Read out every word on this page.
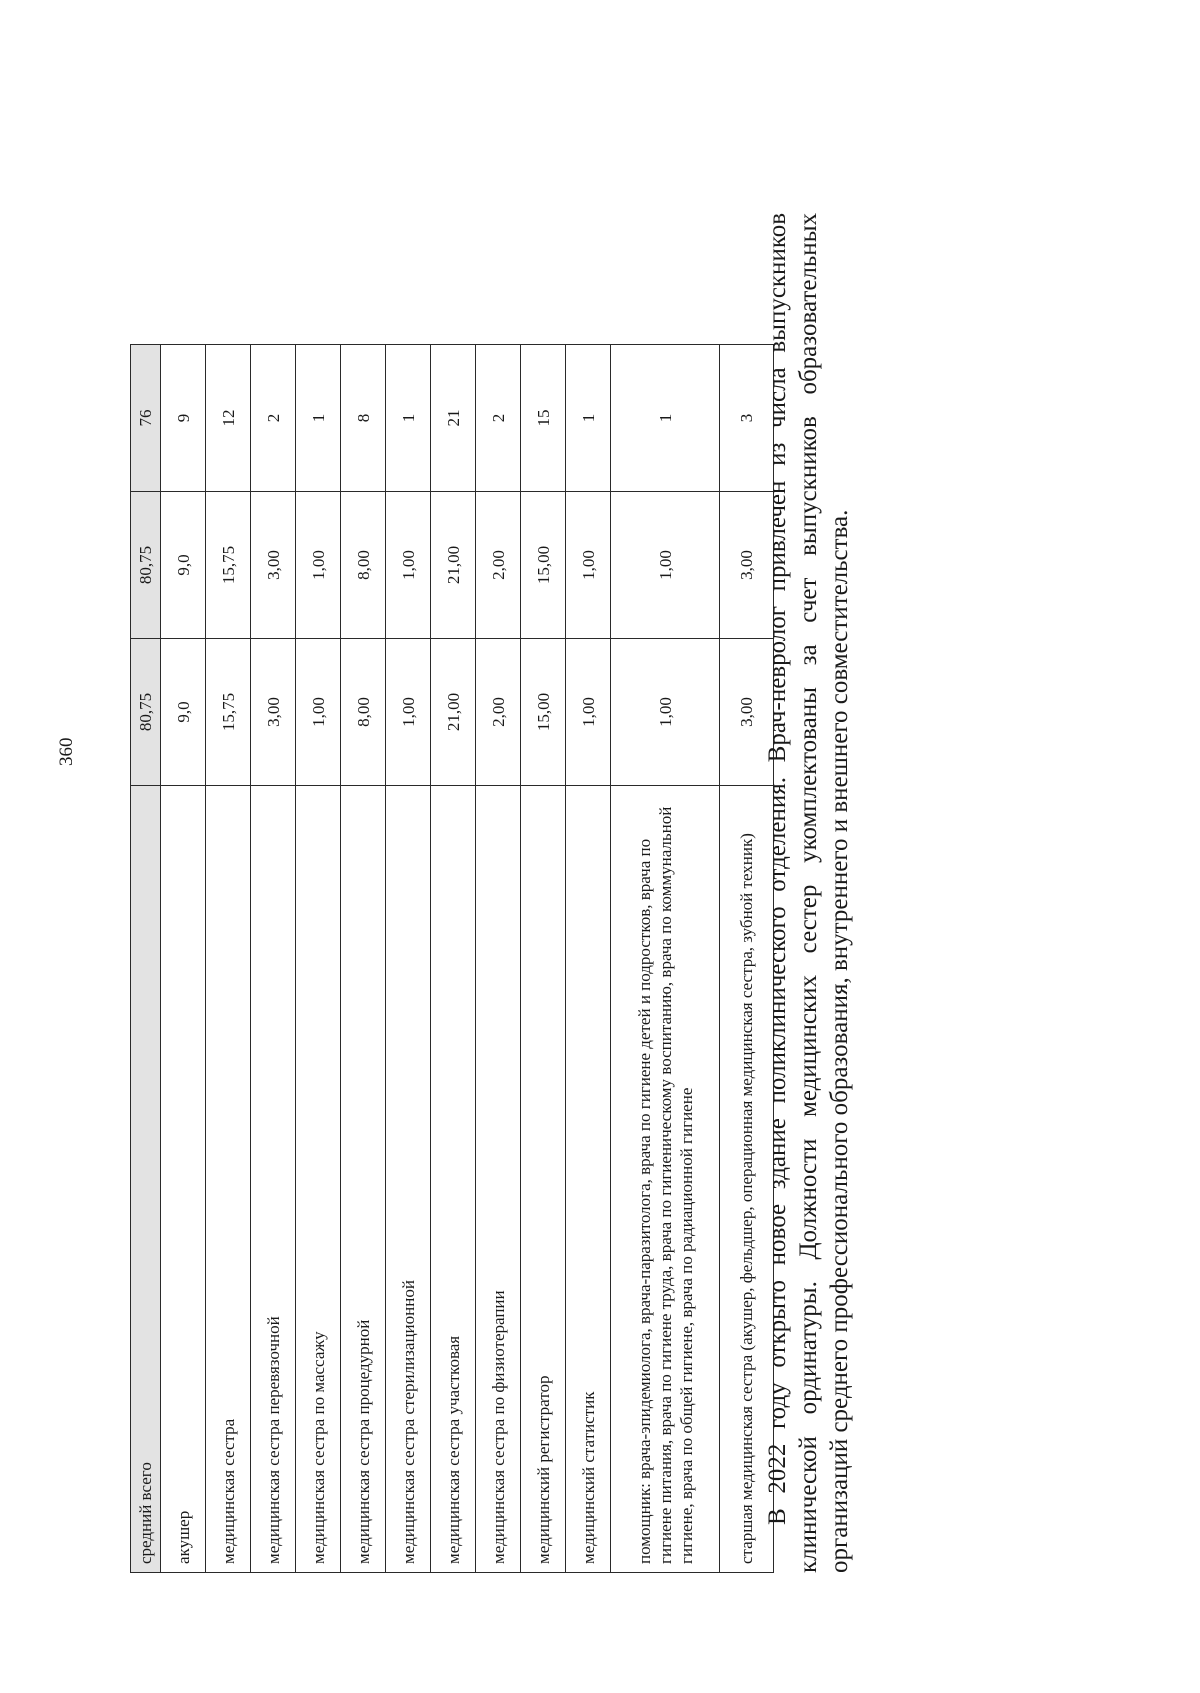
360
средний всего	80,75	80,75	76
акушер	9,0	9,0	9
медицинская сестра	15,75	15,75	12
медицинская сестра перевязочной	3,00	3,00	2
медицинская сестра по массажу	1,00	1,00	1
медицинская сестра процедурной	8,00	8,00	8
медицинская сестра стерилизационной	1,00	1,00	1
медицинская сестра участковая	21,00	21,00	21
медицинская сестра по физиотерапии	2,00	2,00	2
медицинский регистратор	15,00	15,00	15
медицинский статистик	1,00	1,00	1
помощник: врача-эпидемиолога, врача-паразитолога, врача по гигиене детей и подростков, врача по гигиене питания, врача по гигиене труда, врача по гигиеническому воспитанию, врача по коммунальной гигиене, врача по общей гигиене, врача по радиационной гигиене	1,00	1,00	1
старшая медицинская сестра (акушер, фельдшер, операционная медицинская сестра, зубной техник)	3,00	3,00	3 В 2022 году открыто новое здание поликлинического отделения. Врач-невролог привлечен из числа выпускников клинической ординатуры. Должности медицинских сестер укомплектованы за счет выпускников образовательных организаций среднего профессионального образования, внутреннего и внешнего совместительства.
